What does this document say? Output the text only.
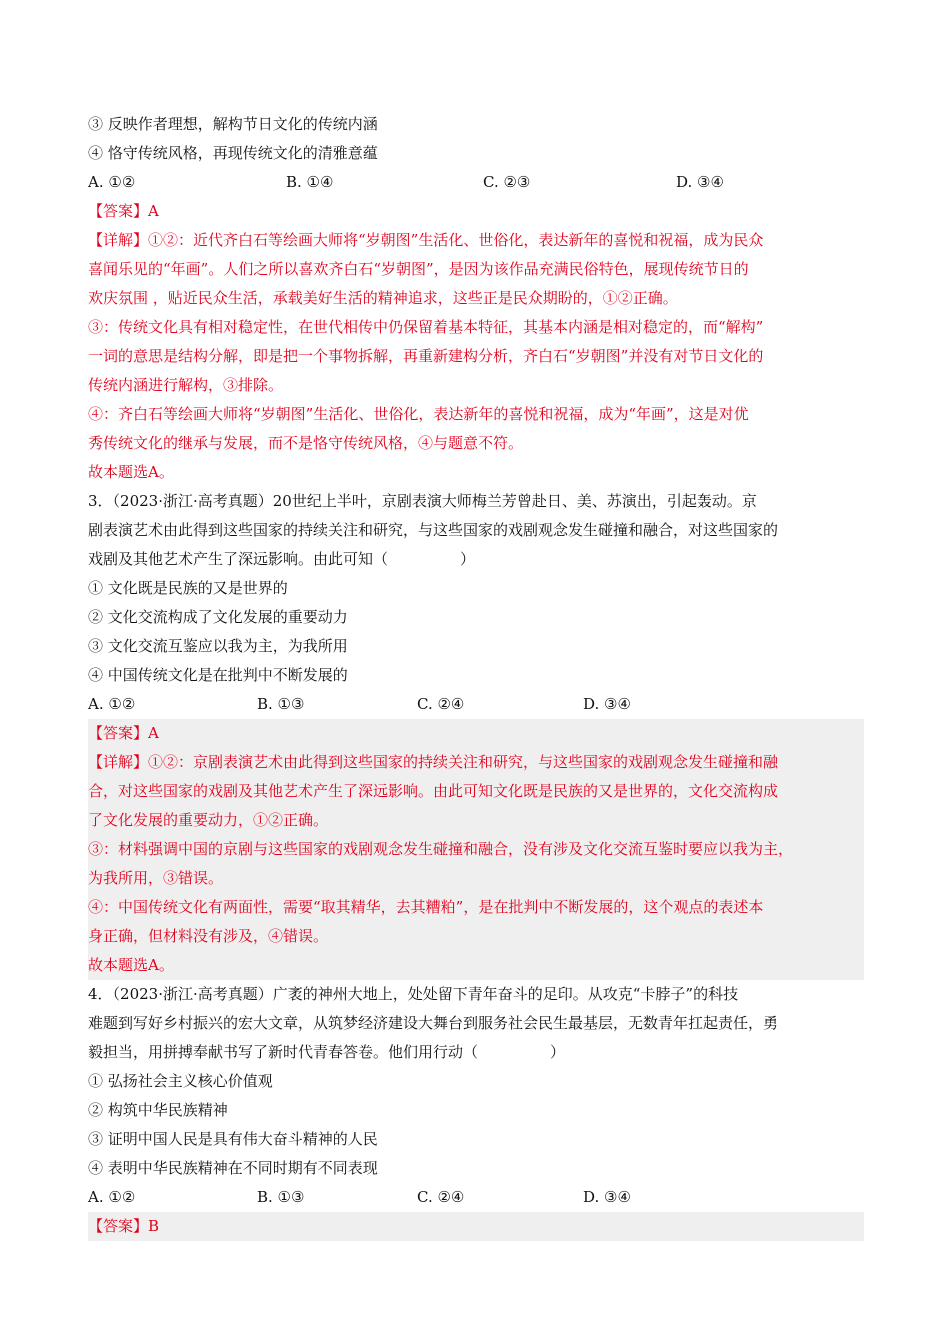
③ 反映作者理想，解构节日文化的传统内涵
④ 恪守传统风格，再现传统文化的清雅意蕴
A. ①②	B. ①④	C. ②③	D. ③④
【答案】A
【详解】①②：近代齐白石等绘画大师将“岁朝图”生活化、世俗化，表达新年的喜悦和祝福，成为民众
喜闻乐见的“年画”。人们之所以喜欢齐白石“岁朝图”，是因为该作品充满民俗特色，展现传统节日的
欢庆氛围 ，贴近民众生活，承载美好生活的精神追求，这些正是民众期盼的，①②正确。
③：传统文化具有相对稳定性，在世代相传中仍保留着基本特征，其基本内涵是相对稳定的，而“解构”
一词的意思是结构分解，即是把一个事物拆解，再重新建构分析，齐白石“岁朝图”并没有对节日文化的
传统内涵进行解构，③排除。
④：齐白石等绘画大师将“岁朝图”生活化、世俗化，表达新年的喜悦和祝福，成为“年画”，这是对优
秀传统文化的继承与发展，而不是恪守传统风格，④与题意不符。
故本题选A。
3．（2023·浙江·高考真题）20世纪上半叶，京剧表演大师梅兰芳曾赴日、美、苏演出，引起轰动。京
剧表演艺术由此得到这些国家的持续关注和研究，与这些国家的戏剧观念发生碰撞和融合，对这些国家的
戏剧及其他艺术产生了深远影响。由此可知（	）
① 文化既是民族的又是世界的
② 文化交流构成了文化发展的重要动力
③ 文化交流互鉴应以我为主，为我所用
④ 中国传统文化是在批判中不断发展的
A. ①②	B. ①③	C. ②④	D. ③④
【答案】A
【详解】①②：京剧表演艺术由此得到这些国家的持续关注和研究，与这些国家的戏剧观念发生碰撞和融
合，对这些国家的戏剧及其他艺术产生了深远影响。由此可知文化既是民族的又是世界的，文化交流构成
了文化发展的重要动力，①②正确。
③：材料强调中国的京剧与这些国家的戏剧观念发生碰撞和融合，没有涉及文化交流互鉴时要应以我为主，
为我所用，③错误。
④：中国传统文化有两面性，需要“取其精华，去其糟粕”，是在批判中不断发展的，这个观点的表述本
身正确，但材料没有涉及，④错误。
故本题选A。
4．（2023·浙江·高考真题）广袤的神州大地上，处处留下青年奋斗的足印。从攻克“卡脖子”的科技
难题到写好乡村振兴的宏大文章，从筑梦经济建设大舞台到服务社会民生最基层，无数青年扛起责任，勇
毅担当，用拼搏奉献书写了新时代青春答卷。他们用行动（	）
① 弘扬社会主义核心价值观
② 构筑中华民族精神
③ 证明中国人民是具有伟大奋斗精神的人民
④ 表明中华民族精神在不同时期有不同表现
A. ①②	B. ①③	C. ②④	D. ③④
【答案】B
